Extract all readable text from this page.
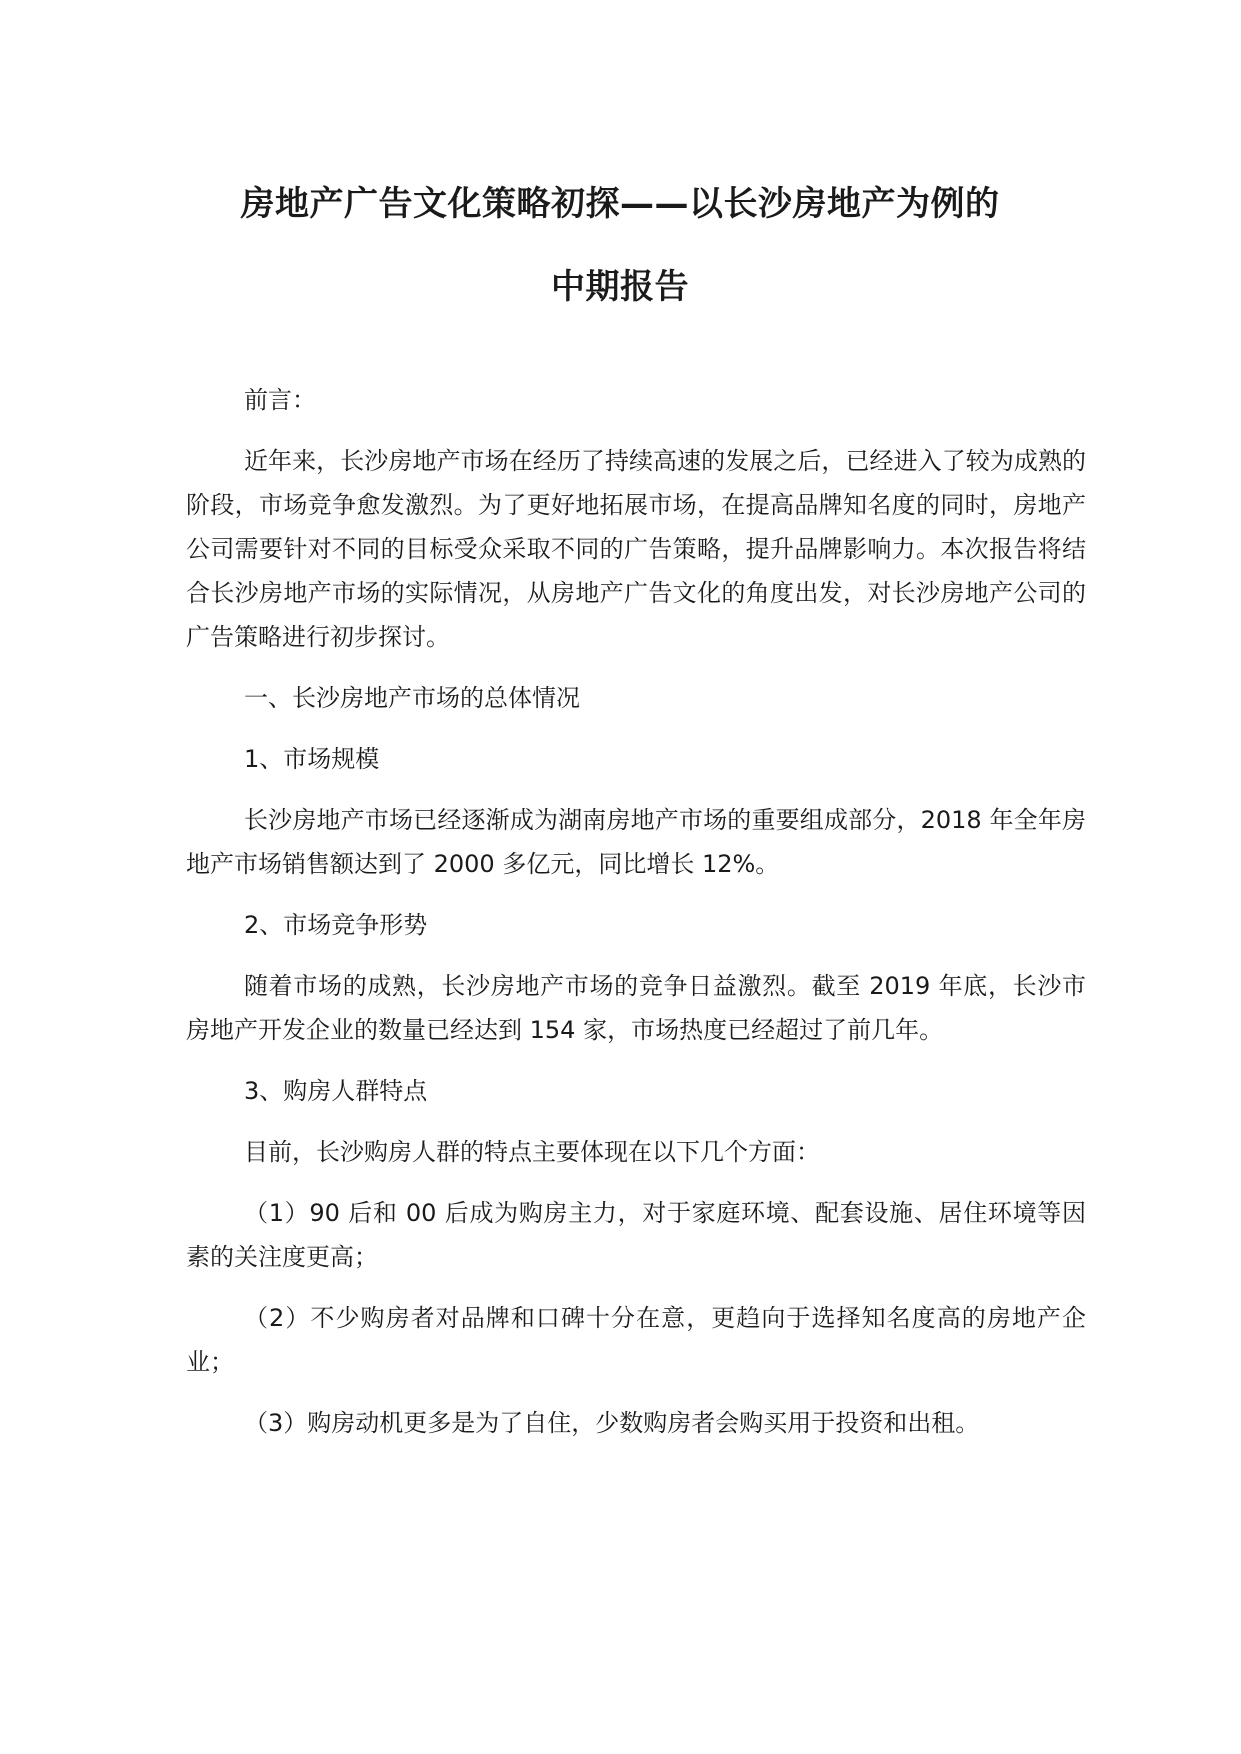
房地产广告文化策略初探——以长沙房地产为例的
中期报告

前言：

近年来，长沙房地产市场在经历了持续高速的发展之后，已经进入了较为成熟的阶段，市场竞争愈发激烈。为了更好地拓展市场，在提高品牌知名度的同时，房地产公司需要针对不同的目标受众采取不同的广告策略，提升品牌影响力。本次报告将结合长沙房地产市场的实际情况，从房地产广告文化的角度出发，对长沙房地产公司的广告策略进行初步探讨。

一、长沙房地产市场的总体情况

1、市场规模

长沙房地产市场已经逐渐成为湖南房地产市场的重要组成部分，2018 年全年房地产市场销售额达到了 2000 多亿元，同比增长 12%。

2、市场竞争形势

随着市场的成熟，长沙房地产市场的竞争日益激烈。截至 2019 年底，长沙市房地产开发企业的数量已经达到 154 家，市场热度已经超过了前几年。

3、购房人群特点

目前，长沙购房人群的特点主要体现在以下几个方面：

（1）90 后和 00 后成为购房主力，对于家庭环境、配套设施、居住环境等因素的关注度更高；

（2）不少购房者对品牌和口碑十分在意，更趋向于选择知名度高的房地产企业；

（3）购房动机更多是为了自住，少数购房者会购买用于投资和出租。
